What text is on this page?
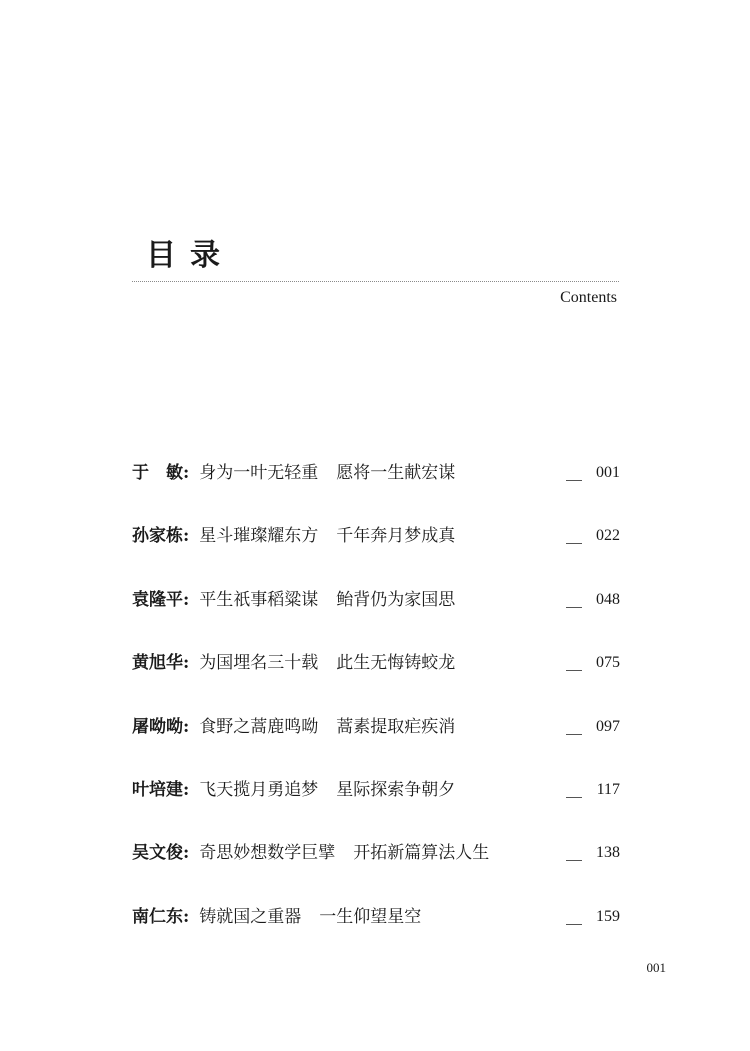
目录
Contents
于　敏 : 身为一叶无轻重 愿将一生献宏谋	001
孙家栋 : 星斗璀璨耀东方 千年奔月梦成真	022
袁隆平 : 平生祇事稻粱谋 鲐背仍为家国思	048
黄旭华 : 为国埋名三十载 此生无悔铸蛟龙	075
屠呦呦 : 食野之蒿鹿鸣呦 蒿素提取疟疾消	097
叶培建 : 飞天揽月勇追梦 星际探索争朝夕	117
吴文俊 : 奇思妙想数学巨擘 开拓新篇算法人生	138
南仁东 : 铸就国之重器 一生仰望星空	159
001
